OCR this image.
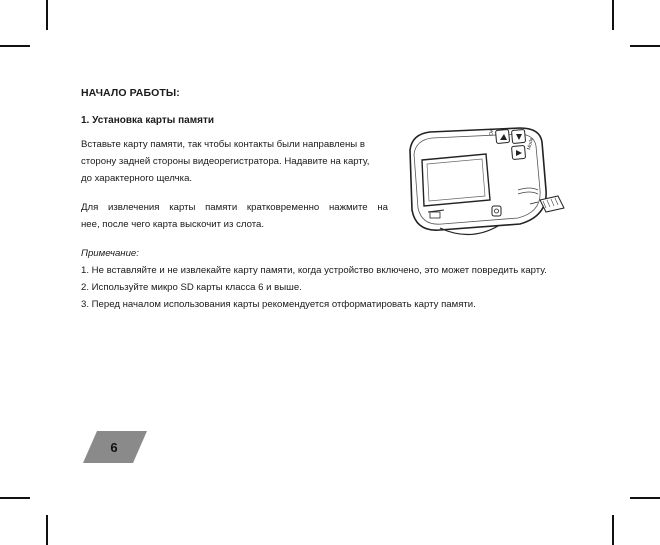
НАЧАЛО РАБОТЫ:
1. Установка карты памяти
Вставьте карту памяти, так чтобы контакты были направлены в
сторону задней стороны видеорегистратора. Надавите на карту,
до характерного щелчка.
Для извлечения карты памяти кратковременно нажмите на
нее, после чего карта выскочит из слота.
OK
Mode
Примечание:

1. Не вставляйте и не извлекайте карту памяти, когда устройство включено, это может повредить карту.

2. Используйте микро SD карты класса 6 и выше.

3. Перед началом использования карты рекомендуется отформатировать карту памяти.

6
